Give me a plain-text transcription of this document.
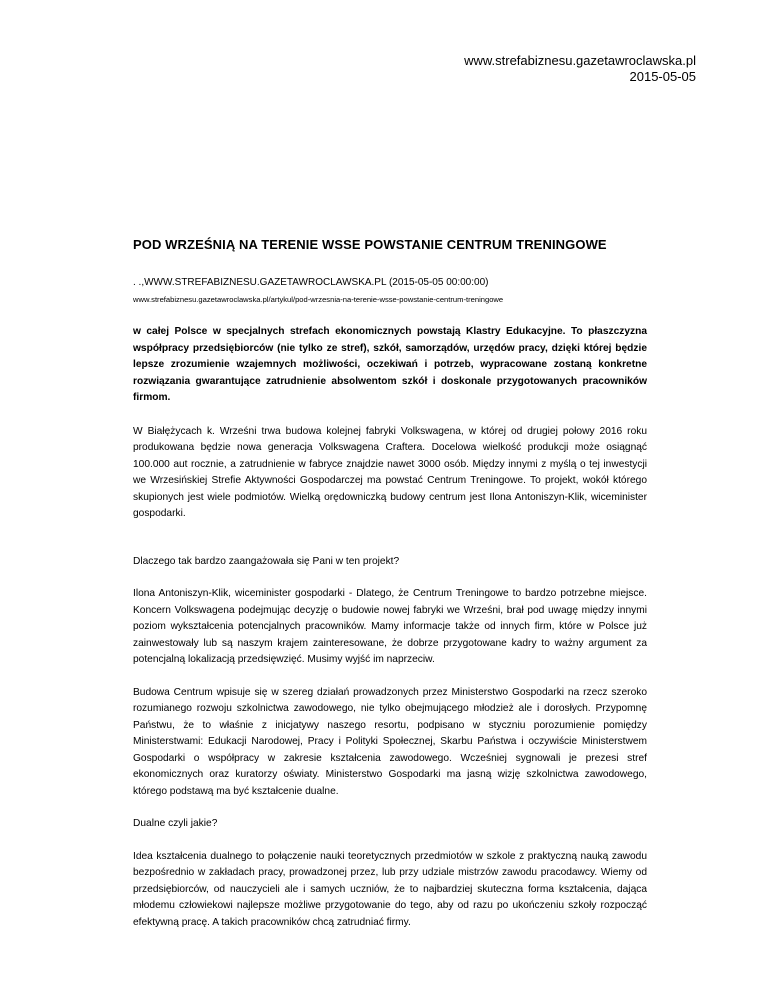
www.strefabiznesu.gazetawroclawska.pl
2015-05-05
POD WRZEŚNIĄ NA TERENIE WSSE POWSTANIE CENTRUM TRENINGOWE

. .,WWW.STREFABIZNESU.GAZETAWROCLAWSKA.PL (2015-05-05 00:00:00)

www.strefabiznesu.gazetawroclawska.pl/artykul/pod-wrzesnia-na-terenie-wsse-powstanie-centrum-treningowe

w całej Polsce w specjalnych strefach ekonomicznych powstają Klastry Edukacyjne. To płaszczyzna współpracy przedsiębiorców (nie tylko ze stref), szkół, samorządów, urzędów pracy, dzięki której będzie lepsze zrozumienie wzajemnych możliwości, oczekiwań i potrzeb, wypracowane zostaną konkretne rozwiązania gwarantujące zatrudnienie absolwentom szkół i doskonale przygotowanych pracowników firmom.

W Białężycach k. Wrześni trwa budowa kolejnej fabryki Volkswagena, w której od drugiej połowy 2016 roku produkowana będzie nowa generacja Volkswagena Craftera. Docelowa wielkość produkcji może osiągnąć 100.000 aut rocznie, a zatrudnienie w fabryce znajdzie nawet 3000 osób. Między innymi z myślą o tej inwestycji we Wrzesińskiej Strefie Aktywności Gospodarczej ma powstać Centrum Treningowe. To projekt, wokół którego skupionych jest wiele podmiotów. Wielką orędowniczką budowy centrum jest Ilona Antoniszyn-Klik, wiceminister gospodarki.

Dlaczego tak bardzo zaangażowała się Pani w ten projekt?

Ilona Antoniszyn-Klik, wiceminister gospodarki - Dlatego, że Centrum Treningowe to bardzo potrzebne miejsce. Koncern Volkswagena podejmując decyzję o budowie nowej fabryki we Wrześni, brał pod uwagę między innymi poziom wykształcenia potencjalnych pracowników. Mamy informacje także od innych firm, które w Polsce już zainwestowały lub są naszym krajem zainteresowane, że dobrze przygotowane kadry to ważny argument za potencjalną lokalizacją przedsięwzięć. Musimy wyjść im naprzeciw.

Budowa Centrum wpisuje się w szereg działań prowadzonych przez Ministerstwo Gospodarki na rzecz szeroko rozumianego rozwoju szkolnictwa zawodowego, nie tylko obejmującego młodzież ale i dorosłych. Przypomnę Państwu, że to właśnie z inicjatywy naszego resortu, podpisano w styczniu porozumienie pomiędzy Ministerstwami: Edukacji Narodowej, Pracy i Polityki Społecznej, Skarbu Państwa i oczywiście Ministerstwem Gospodarki o współpracy w zakresie kształcenia zawodowego. Wcześniej sygnowali je prezesi stref ekonomicznych oraz kuratorzy oświaty. Ministerstwo Gospodarki ma jasną wizję szkolnictwa zawodowego, którego podstawą ma być kształcenie dualne.

Dualne czyli jakie?

Idea kształcenia dualnego to połączenie nauki teoretycznych przedmiotów w szkole z praktyczną nauką zawodu bezpośrednio w zakładach pracy, prowadzonej przez, lub przy udziale mistrzów zawodu pracodawcy. Wiemy od przedsiębiorców, od nauczycieli ale i samych uczniów, że to najbardziej skuteczna forma kształcenia, dająca młodemu człowiekowi najlepsze możliwe przygotowanie do tego, aby od razu po ukończeniu szkoły rozpocząć efektywną pracę. A takich pracowników chcą zatrudniać firmy.
